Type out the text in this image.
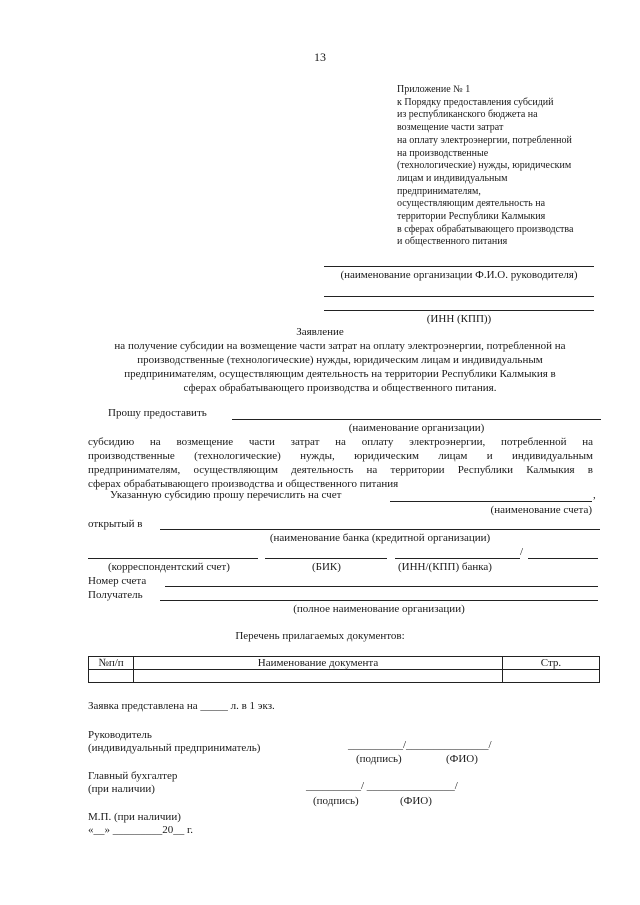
13
Приложение № 1
к Порядку предоставления субсидий
из республиканского бюджета на
возмещение части затрат
на оплату электроэнергии, потребленной
на производственные
(технологические) нужды, юридическим
лицам и индивидуальным
предпринимателям,
осуществляющим деятельность на
территории Республики Калмыкия
в сферах обрабатывающего производства
и общественного питания
(наименование организации Ф.И.О. руководителя)
(ИНН (КПП))
Заявление
на получение субсидии на возмещение части затрат на оплату электроэнергии, потребленной на
производственные (технологические) нужды, юридическим лицам и индивидуальным
предпринимателям, осуществляющим деятельность на территории Республики Калмыкия в
сферах обрабатывающего производства и общественного питания.
Прошу предоставить
(наименование организации)
субсидию на возмещение части затрат на оплату электроэнергии, потребленной на
производственные (технологические) нужды, юридическим лицам и индивидуальным
предпринимателям, осуществляющим деятельность на территории Республики Калмыкия в
сферах обрабатывающего производства и общественного питания
Указанную субсидию прошу перечислить на счет	,
(наименование счета)
открытый в
(наименование банка (кредитной организации)
/
(корреспондентский счет)	(БИК)	(ИНН/(КПП) банка)
Номер счета
Получатель
(полное наименование организации)
Перечень прилагаемых документов:
№п/п	Наименование документа	Стр.

Заявка представлена на _____ л. в 1 экз.
Руководитель
(индивидуальный предприниматель)	__________/_______________/
(подпись)	(ФИО)
Главный бухгалтер
(при наличии)	__________/ ________________/
(подпись)	(ФИО)
М.П. (при наличии)
«__» _________20__ г.
